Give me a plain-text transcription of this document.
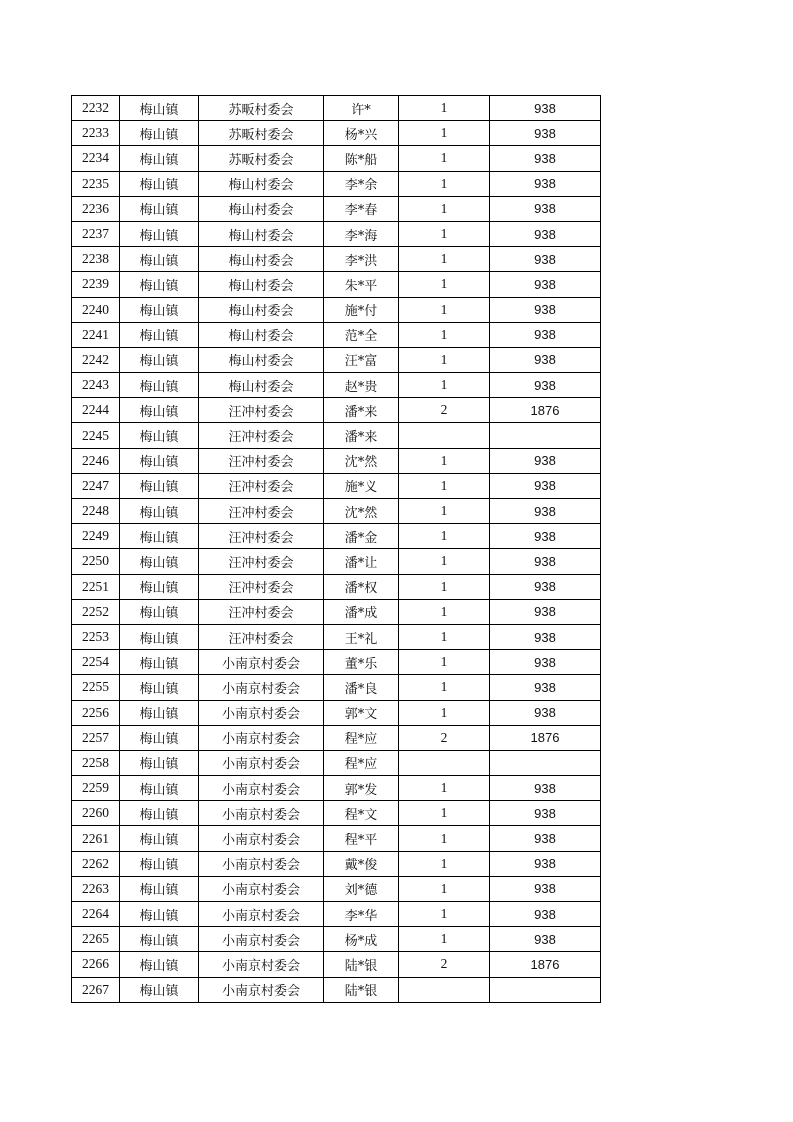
2232	梅山镇	苏畈村委会	许*	1	938
2233	梅山镇	苏畈村委会	杨*兴	1	938
2234	梅山镇	苏畈村委会	陈*船	1	938
2235	梅山镇	梅山村委会	李*余	1	938
2236	梅山镇	梅山村委会	李*春	1	938
2237	梅山镇	梅山村委会	李*海	1	938
2238	梅山镇	梅山村委会	李*洪	1	938
2239	梅山镇	梅山村委会	朱*平	1	938
2240	梅山镇	梅山村委会	施*付	1	938
2241	梅山镇	梅山村委会	范*全	1	938
2242	梅山镇	梅山村委会	汪*富	1	938
2243	梅山镇	梅山村委会	赵*贵	1	938
2244	梅山镇	汪冲村委会	潘*来	2	1876
2245	梅山镇	汪冲村委会	潘*来		
2246	梅山镇	汪冲村委会	沈*然	1	938
2247	梅山镇	汪冲村委会	施*义	1	938
2248	梅山镇	汪冲村委会	沈*然	1	938
2249	梅山镇	汪冲村委会	潘*金	1	938
2250	梅山镇	汪冲村委会	潘*让	1	938
2251	梅山镇	汪冲村委会	潘*权	1	938
2252	梅山镇	汪冲村委会	潘*成	1	938
2253	梅山镇	汪冲村委会	王*礼	1	938
2254	梅山镇	小南京村委会	董*乐	1	938
2255	梅山镇	小南京村委会	潘*良	1	938
2256	梅山镇	小南京村委会	郭*文	1	938
2257	梅山镇	小南京村委会	程*应	2	1876
2258	梅山镇	小南京村委会	程*应		
2259	梅山镇	小南京村委会	郭*发	1	938
2260	梅山镇	小南京村委会	程*文	1	938
2261	梅山镇	小南京村委会	程*平	1	938
2262	梅山镇	小南京村委会	戴*俊	1	938
2263	梅山镇	小南京村委会	刘*德	1	938
2264	梅山镇	小南京村委会	李*华	1	938
2265	梅山镇	小南京村委会	杨*成	1	938
2266	梅山镇	小南京村委会	陆*银	2	1876
2267	梅山镇	小南京村委会	陆*银		
